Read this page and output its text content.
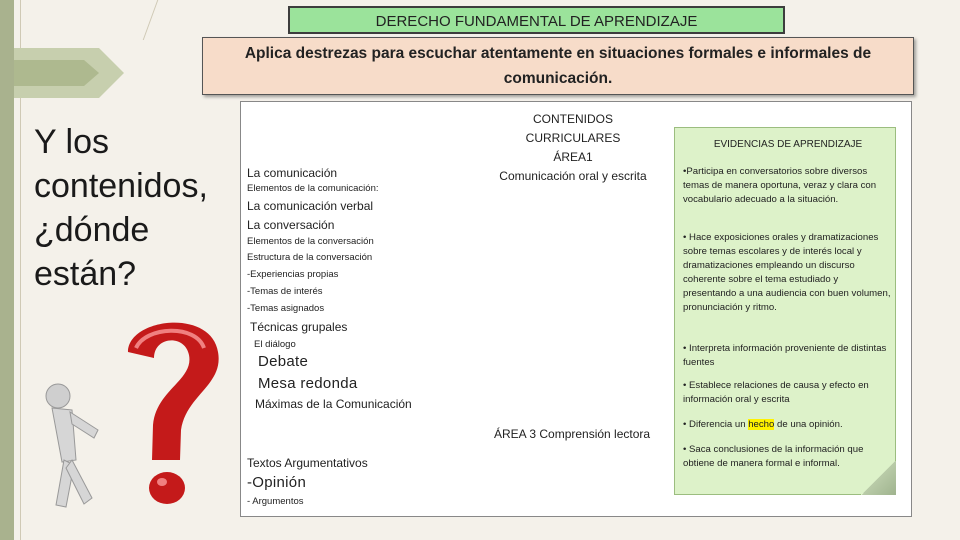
DERECHO FUNDAMENTAL DE APRENDIZAJE
Aplica destrezas para escuchar atentamente en situaciones formales e informales de comunicación.
Y los contenidos, ¿dónde están?
CONTENIDOS CURRICULARES
ÁREA1
Comunicación oral y escrita
La comunicación
Elementos de la comunicación:
La comunicación verbal
La conversación
Elementos de la conversación
Estructura de la conversación
-Experiencias propias
-Temas de interés
-Temas asignados
Técnicas grupales
El diálogo
Debate
Mesa redonda
Máximas de la Comunicación
ÁREA 3 Comprensión lectora
Textos Argumentativos
-Opinión
- Argumentos
EVIDENCIAS DE APRENDIZAJE
•Participa en conversatorios sobre diversos temas de manera oportuna, veraz y clara con vocabulario adecuado a la situación.
• Hace exposiciones orales y dramatizaciones sobre temas escolares y de interés local y dramatizaciones empleando un discurso coherente sobre el tema estudiado y presentando a una audiencia con buen volumen, pronunciación y ritmo.
• Interpreta información proveniente de distintas fuentes
• Establece relaciones de causa y efecto en información oral y escrita
• Diferencia un hecho de una opinión.
• Saca conclusiones de la información que obtiene de manera formal e informal.
